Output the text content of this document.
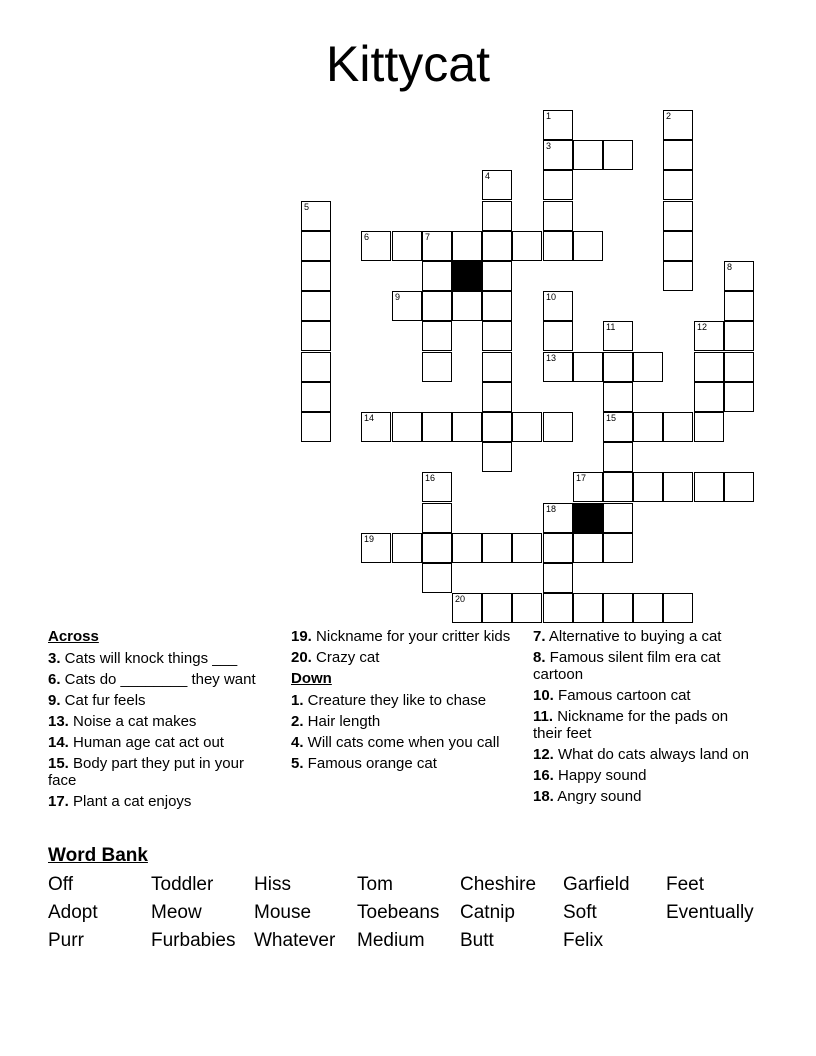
Kittycat
1	2
3
4
5
6	7
8
9	10
11	12
13
14	15
16	17
18
19
20
Across
3. Cats will knock things ___
6. Cats do ________ they want
9. Cat fur feels
13. Noise a cat makes
14. Human age cat act out
15. Body part they put in your face
17. Plant a cat enjoys
19. Nickname for your critter kids
20. Crazy cat
Down
1. Creature they like to chase
2. Hair length
4. Will cats come when you call
5. Famous orange cat
7. Alternative to buying a cat
8. Famous silent film era cat cartoon
10. Famous cartoon cat
11. Nickname for the pads on their feet
12. What do cats always land on
16. Happy sound
18. Angry sound
Word Bank
Off	Toddler Hiss	Tom	Cheshire Garfield Feet
Adopt	Meow	Mouse Toebeans Catnip	Soft	Eventually
Purr	Furbabies Whatever Medium Butt	Felix
